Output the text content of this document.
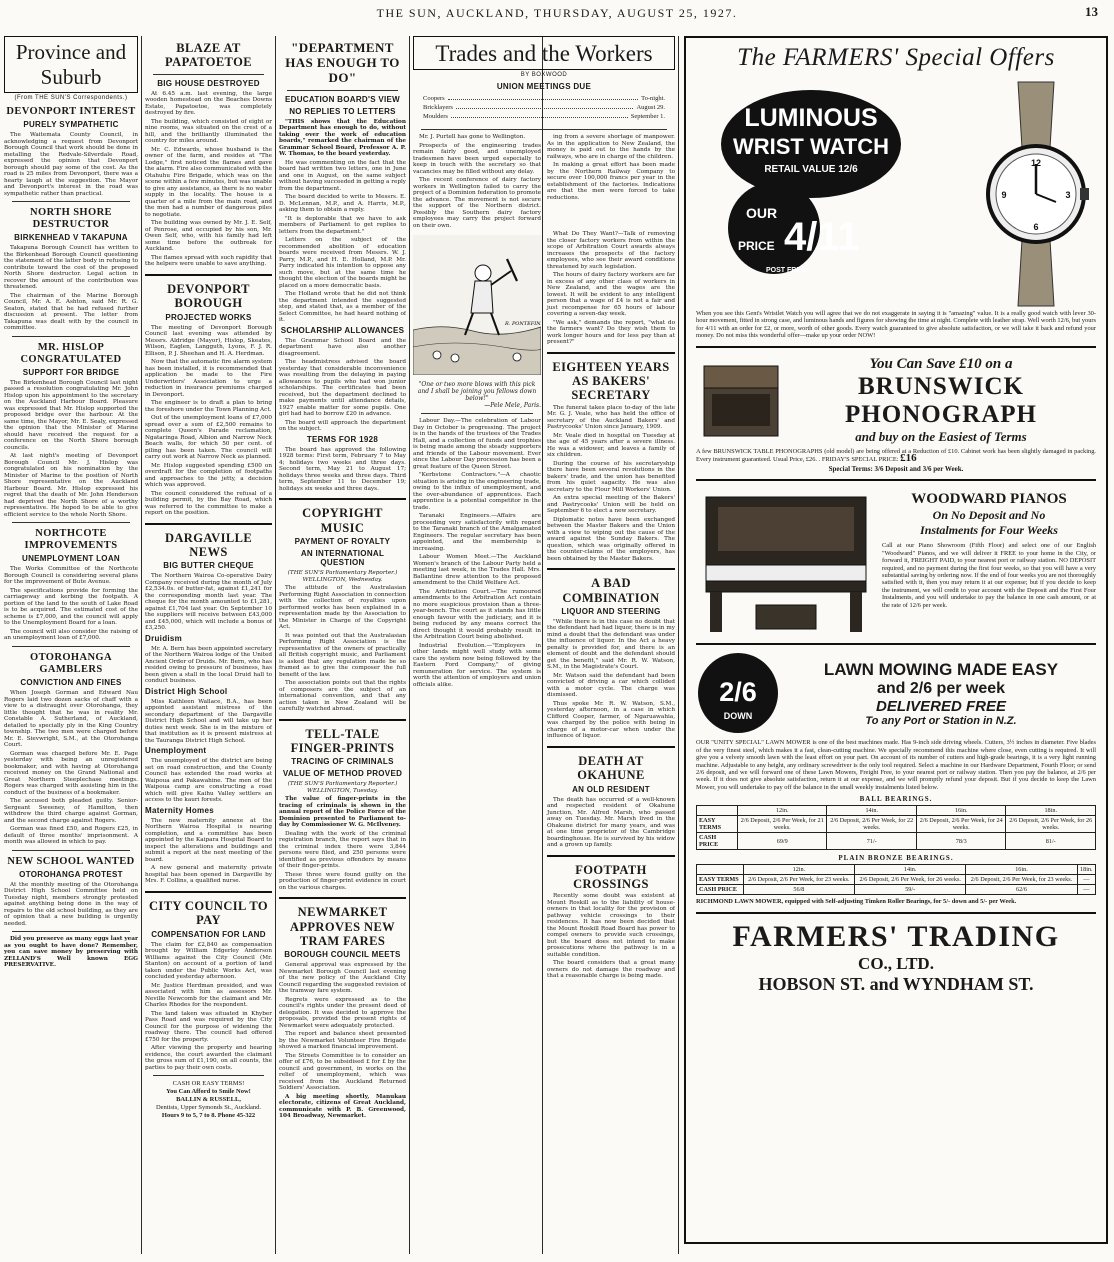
THE SUN, AUCKLAND, THURSDAY, AUGUST 25, 1927.	13
Province and Suburb
(From THE SUN'S Correspondents.)
DEVONPORT INTEREST
PURELY SYMPATHETIC
The Waitemata County Council, in acknowledging a request from Devonport Borough Council that work should be done in metalling the Redvale-Silverdale Road, expressed the opinion that Devonport borough should pay some of the cost. As the road is 25 miles from Devonport, there was a hearty laugh at the suggestion. The Mayor and Devonport's interest in the road was sympathetic rather than practical.
NORTH SHORE DESTRUCTOR
BIRKENHEAD V TAKAPUNA
Takapuna Borough Council has written to the Birkenhead Borough Council questioning the statement of the latter body in refusing to contribute toward the cost of the proposed North Shore destructor. Legal action in recover the amount of the contribution was threatened.
The chairman of the Marine Borough Council, Mr. A. E. Ashton, said Mr. R. G. Seaton, stated that he had refused further discussion at present. The letter from Takapuna was dealt with by the council in committee.
MR. HISLOP CONGRATULATED
SUPPORT FOR BRIDGE
The Birkenhead Borough Council last night passed a resolution congratulating Mr. John Hislop upon his appointment to the secretary on the Auckland Harbour Board. Pleasure was expressed that Mr. Hislop supported the proposed bridge over the harbour. At the same time, the Mayor, Mr. E. Sealy, expressed the opinion that the Minister of Marine should have received the request for a conference on the North Shore borough councils.
At last night's meeting of Devonport Borough Council Mr. J. Hislop was congratulated on his nomination by the Minister of Marine to the position of North Shore representative on the Auckland Harbour Board. Mr. Hislop expressed his regret that the death of Mr. John Henderson had deprived the North Shore of a worthy representative. He hoped to be able to give efficient service to the whole North Shore.
NORTHCOTE IMPROVEMENTS
UNEMPLOYMENT LOAN
The Works Committee of the Northcote Borough Council is considering several plans for the improvement of Bute Avenue.
The specifications provide for forming the carriageway and kerbing the footpath. A portion of the land to the south of Lake Road is to be acquired. The estimated cost of the scheme is £7,000, and the council will apply to the Unemployment Board for a loan.
The council will also consider the raising of an unemployment loan of £7,000.
OTOROHANGA GAMBLERS
CONVICTION AND FINES
When Joseph Gorman and Edward Nau Rogers laid two dozen sacks of chaff with a view to a distraught over Otorohanga, they little thought that he was in reality Mr. Constable A. Sutherland, of Auckland, detailed to specially ply in the King Country township. The two men were charged before Mr. E. Sievwright, S.M., at the Otorohanga Court.
Gorman was charged before Mr. E. Page yesterday with being an unregistered bookmaker, and with having at Otorohanga received money on the Grand National and Great Northern Steeplechase meetings. Rogers was charged with assisting him in the conduct of the business of a bookmaker.
The accused both pleaded guilty. Senior-Sergeant Sweeney, of Hamilton, then withdrew the third charge against Gorman, and the second charge against Rogers.
Gorman was fined £50, and Rogers £25, in default of three months' imprisonment. A month was allowed in which to pay.
NEW SCHOOL WANTED
OTOROHANGA PROTEST
At the monthly meeting of the Otorohanga District High School Committee held on Tuesday night, members strongly protested against anything being done in the way of repairs to the old school building, as they are of opinion that a new building is urgently needed.
Did you preserve as many eggs last year as you ought to have done? Remember, you can save money by preserving with ZELLAND'S Well known EGG PRESERVATIVE.
BLAZE AT PAPATOETOE
BIG HOUSE DESTROYED
At 6.45 a.m. last evening, the large wooden homestead on the Beaches Downs Estate, Papatoetoe, was completely destroyed by fire.
The building, which consisted of eight or nine rooms, was situated on the crest of a hill, and the brilliantly illuminated the country for miles around.
Mr. C. Edwards, whose husband is the owner of the farm, and resides at "The Lodge," first noticed the flames and gave the alarm. Fire also communicated with the Otahuhu Fire Brigade, which was on the scene within a few minutes, but was unable to give any assistance, as there is no water supply in the locality. The house is a quarter of a mile from the main road, and the men had a number of dangerous piles to negotiate.
The building was owned by Mr. J. E. Self, of Penrose, and occupied by his son, Mr. Owen Self, who, with his family had left some time before the outbreak for Auckland.
The flames spread with such rapidity that the helpers were unable to save anything.
DEVONPORT BOROUGH
PROJECTED WORKS
The meeting of Devonport Borough Council last evening was attended by Messrs. Aldridge (Mayor), Hislop, Skeates, Wilson, Eaglen, Langguth, Lyons, F. J. R. Ellison, P. J. Sheehan and H. A. Herdman.
Now that the automatic fire alarm system has been installed, it is recommended that application be made to the Fire Underwriters' Association to urge a reduction in insurance premiums charged in Devonport.
The engineer is to draft a plan to bring the foreshore under the Town Planning Act.
Out of the unemployment loans of £7,000 spread over a sum of £2,500 remains to complete Queen's Parade reclamation, Ngataringa Road, Albion and Narrow Neck Beach walls, for which 50 per cent. of piling has been taken. The council will carry out work at Narrow Neck as planned.
Mr. Hislop suggested spending £500 on overdraft for the completion of footpaths and approaches to the jetty, a decision which was approved.
The council considered the refusal of a building permit, by the Bay Road, which was referred to the committee to make a report on the position.
DARGAVILLE NEWS
BIG BUTTER CHEQUE
The Northern Wairoa Co-operative Dairy Company received during the month of July £2,534.0s. of butter-fat, against £1,241 for the corresponding month last year. The cheque for the month amounted to £1,281, against £1,704 last year. On September 10 the suppliers will receive between £43,000 and £45,000, which will include a bonus of £3,250.
Druidism
Mr. A. Bern has been appointed secretary of the Northern Wairoa lodge of the United Ancient Order of Druids. Mr. Bern, who has resided owing to pressure of business, has been given a stall in the local Druid hall to conduct business.
District High School
Miss Kathleen Wallace, B.A., has been appointed assistant mistress of the secondary department of the Dargaville District High School and will take up her duties next week. She is in the mixture of that institution as it is present mistress at the Tauranga District High School.
Unemployment
The unemployed of the district are being set on road construction, and the County Council has extended the road works at Waipoua and Pakawahine. The men of the Waipoua camp are constructing a road which will give Kaihu Valley settlers an access to the kauri forests.
Maternity Homes
The new maternity annexe at the Northern Wairoa Hospital is nearing completion, and a committee has been appointed by the Kaipara Hospital Board to inspect the alterations and buildings and submit a report at the next meeting of the board.
A new general and maternity private hospital has been opened in Dargaville by Mrs. F. Collins, a qualified nurse.
CITY COUNCIL TO PAY
COMPENSATION FOR LAND
The claim for £2,840 as compensation brought by William Edgerley Anderson Williams against the City Council (Mr. Stanton) on account of a portion of land taken under the Public Works Act, was concluded yesterday afternoon.
Mr. Justice Herdman presided, and was associated with him as assessors Mr. Neville Newcomb for the claimant and Mr. Charles Rhodes for the respondent.
The land taken was situated in Khyber Pass Road and was required by the City Council for the purpose of widening the roadway there. The council had offered £750 for the property.
After viewing the property and hearing evidence, the court awarded the claimant the gross sum of £1,190, on all counts, the parties to pay their own costs.
CASH OR EASY TERMS!
You Can Afford to Smile Now!
BALLIN & RUSSELL,
Dentists, Upper Symonds St., Auckland.
Hours 9 to 5, 7 to 8. Phone 45-322
"DEPARTMENT HAS ENOUGH TO DO"
EDUCATION BOARD'S VIEW
NO REPLIES TO LETTERS
"THIS shows that the Education Department has enough to do, without taking over the work of education boards," remarked the chairman of the Grammar School Board, Professor A. P. W. Thomas, to the board yesterday.
He was commenting on the fact that the board had written two letters, one in June and one in August, on the same subject without having succeeded in getting a reply from the department.
The board decided to write to Messrs. E. D. McLennan, M.P., and A. Harris, M.P., asking them to obtain a reply.
"It is deplorable that we have to ask members of Parliament to get replies to letters from the department."
Letters on the subject of the recommended abolition of education boards were received from Messrs. W. J. Parry, M.P., and H. E. Holland, M.P. Mr. Parry indicated his intention to oppose any such move, but at the same time he thought the election of the boards might be placed on a more democratic basis.
The Holland wrote that he did not think the department intended the suggested step, and stated that, as a member of the Select Committee, he had heard nothing of it.
SCHOLARSHIP ALLOWANCES
The Grammar School Board and the department have also another disagreement.
The headmistress advised the board yesterday that considerable inconvenience was resulting from the delaying in paying allowances to pupils who had won junior scholarships. The certificates had been received, but the department declined to make payments until attendance details, 1927 enable matter for some pupils. One girl had had to borrow £20 in advance.
The board will approach the department on the subject.
TERMS FOR 1928
The board has approved the following 1928 terms: First term, February 7 to May 4; holidays two weeks and three days. Second term, May 21 to August 17; holidays three weeks and three days. Third term, September 11 to December 19; holidays six weeks and three days.
COPYRIGHT MUSIC
PAYMENT OF ROYALTY
AN INTERNATIONAL QUESTION
(THE SUN'S Parliamentary Reporter.) WELLINGTON, Wednesday.
The attitude of the Australasian Performing Right Association in connection with the collection of royalties upon performed works has been explained in a representation made by the Association to the Minister in Charge of the Copyright Act.
It was pointed out that the Australasian Performing Right Association is the representative of the owners of practically all British copyright music, and Parliament is asked that any regulation made be so framed as to give the composer the full benefit of the law.
The association points out that the rights of composers are the subject of an international convention, and that any action taken in New Zealand will be carefully watched abroad.
TELL-TALE FINGER-PRINTS
TRACING OF CRIMINALS
VALUE OF METHOD PROVED
(THE SUN'S Parliamentary Reporter.) WELLINGTON, Tuesday.
The value of finger-prints in the tracing of criminals is shown in the annual report of the Police Force of the Dominion presented to Parliament to-day by Commissioner W. G. McIlveney.
Dealing with the work of the criminal registration branch, the report says that in the criminal index there were 3,844 persons were filed, and 250 persons were identified as previous offenders by means of their finger-prints.
These three were found guilty on the production of finger-print evidence in court on the various charges.
NEWMARKET APPROVES NEW TRAM FARES
BOROUGH COUNCIL MEETS
General approval was expressed by the Newmarket Borough Council last evening of the new policy of the Auckland City Council regarding the suggested revision of the tramway fare system.
Regrets were expressed as to the council's rights under the present deed of delegation. It was decided to approve the proposals, provided the present rights of Newmarket were adequately protected.
The report and balance sheet presented by the Newmarket Volunteer Fire Brigade showed a marked financial improvement.
The Streets Committee is to consider an offer of £76, to be subsidised £ for £ by the council and government, in works on the relief of unemployment, which was received from the Auckland Returned Soldiers' Association.
A big meeting shortly, Manukau electorate, citizens of Great Auckland, communicate with P. B. Greenwood, 104 Broadway, Newmarket.
Trades and the Workers
BY BOXWOOD
UNION MEETINGS DUE
Coopers	To-night.
Bricklayers	August 29.
Moulders	September 1.
Mr. J. Purtell has gone to Wellington.
Prospects of the engineering trades remain fairly good, and unemployed tradesmen have been urged especially to keep in touch with the secretary so that vacancies may be filled without any delay.
The recent conference of dairy factory workers in Wellington failed to carry the project of a Dominion federation to promote the advance. The movement is not secure the support of the Northern district. Possibly the Southern dairy factory employees may carry the project forward on their own.
ing from a severe shortage of manpower. As in the application to New Zealand, the money is paid out to the hands by the railways, who are in charge of the children.
In making a great effort has been made by the Northern Railway Company to secure over 100,000 francs per year in the establishment of the factories. Indications are that the men were forced to take reductions.
R. PONTEFIN.
"One or two more blows with this pick and I shall be joining you fellows down below!"
—Pele Mele, Paris.
Labour Day.—The celebration of Labour Day in October is progressing. The project is in the hands of the trustees of the Trades Hall, and a collection of funds and trophies is being made among the steady supporters and friends of the Labour movement. Ever since the Labour Day procession has been a great feature of the Queen Street.
"Kerbstone Contractors."—A chaotic situation is arising in the engineering trade, owing to the influx of unemployment, and the over-abundance of apprentices. Each apprentice is a potential competitor in the trade.
Taranaki Engineers.—Affairs are proceeding very satisfactorily with regard to the Taranaki branch of the Amalgamated Engineers. The regular secretary has been appointed, and the membership is increasing.
Labour Women Meet.—The Auckland Women's branch of the Labour Party held a meeting last week, in the Trades Hall. Mrs. Ballantine drew attention to the proposed amendment to the Child Welfare Act.
The Arbitration Court.—The rumoured amendments to the Arbitration Act contain no more suspicious provision than a three-year-bench. The court as it stands has little enough favour with the judiciary, and it is being reduced by any means correct the direct thought it would probably result in the Arbitration Court being abolished.
Industrial Evolution.—"Employers in other lands might well study with some care the system now being followed by the Eastern Ford Company," of giving remuneration for service. The system is worth the attention of employers and union officials alike.
What Do They Want?—Talk of removing the closer factory workers from within the scope of Arbitration Court awards always increases the prospects of the factory employees, who see their award conditions threatened by such legislation.
The hours of dairy factory workers are far in excess of any other class of workers in New Zealand, and the wages are the lowest. It will be evident to any intelligent person that a wage of £4 is not a fair and just recompense for 65 hours of labour covering a seven-day week.
"We ask," demands the report, "what do the farmers want? Do they wish them to work longer hours and for less pay than at present?"
EIGHTEEN YEARS AS BAKERS' SECRETARY
The funeral takes place to-day of the late Mr. G. J. Veale, who has held the office of secretary of the Auckland Bakers' and Pastrycooks' Union since January, 1909.
Mr. Veale died in hospital on Tuesday at the age of 45 years after a severe illness. He was a widower, and leaves a family of six children.
During the course of his secretaryship there have been several revolutions in the bakers' trade, and the union has benefited from his quiet sagacity. He was also secretary to the Flour Mill Workers' Union.
An extra special meeting of the Bakers' and Pastrycooks' Union will be held on September 6 to elect a new secretary.
Diplomatic notes have been exchanged between the Master Bakers and the Union with a view to wiping out the cause of the award against the Sunday Bakers. The question, which was originally offered in the counter-claims of the employers, has been obtained by the Master Bakers.
A BAD COMBINATION
LIQUOR AND STEERING
"While there is in this case no doubt that the defendant had had liquor, there is in my mind a doubt that the defendant was under the influence of liquor. In the Act a heavy penalty is provided for, and there is an element of doubt and the defendant should get the benefit," said Mr. R. W. Watson, S.M., in the Magistrate's Court.
Mr. Watson said the defendant had been convicted of driving a car which collided with a motor cycle. The charge was dismissed.
Thus spoke Mr. R. W. Watson, S.M., yesterday afternoon, in a case in which Clifford Cooper, farmer, of Ngaruawahia, was charged by the police with being in charge of a motor-car when under the influence of liquor.
DEATH AT OKAHUNE
AN OLD RESIDENT
The death has occurred of a well-known and respected resident of Okahune Junction, Mr. Alfred Marsh, who passed away on Tuesday. Mr. Marsh lived in the Ohakune district for many years, and was at one time proprietor of the Cambridge boardinghouse. He is survived by his widow and a grown up family.
FOOTPATH CROSSINGS
Recently some doubt was existent at Mount Roskill as to the liability of house-owners in that locality for the provision of pathway vehicle crossings to their residences. It has now been decided that the Mount Roskill Road Board has power to compel owners to provide such crossings, but the board does not intend to make prosecutions where the pathway is in a suitable condition.
The board considers that a great many owners do not damage the roadway and that a reasonable charge is being made.
The FARMERS' Special Offers
LUMINOUS
WRIST WATCH
RETAIL VALUE 12/6
OUR
PRICE 4/11
POST FREE
12
3
6
9
When you see this Gent's Wristlet Watch you will agree that we do not exaggerate in saying it is "amazing" value. It is a really good watch with lever 30-hour movement, fitted in strong case, and luminous hands and figures for showing the time at night. Complete with leather strap. Well worth 12/6, but yours for 4/11 with an order for £2, or more, worth of other goods. Every watch guaranteed to give absolute satisfaction, or we will take it back and refund your money. Do not miss this wonderful offer—make up your order NOW!
You Can Save £10 on a
BRUNSWICK
PHONOGRAPH
and buy on the Easiest of Terms
A few BRUNSWICK TABLE PHONOGRAPHS (old model) are being offered at a Reduction of £10. Cabinet work has been slightly damaged in packing. Every instrument guaranteed. Usual Price, £26. . FRIDAY'S SPECIAL PRICE: £16
Special Terms: 3/6 Deposit and 3/6 per Week.
WOODWARD PIANOS
On No Deposit and No
Instalments for Four Weeks
Call at our Piano Showroom (Fifth Floor) and select one of our English "Woodward" Pianos, and we will deliver it FREE to your home in the City, or forward it, FREIGHT PAID, to your nearest port or railway station. NO DEPOSIT required, and no payment during the first four weeks, so that you will have a very substantial saving by ordering now. If the end of four weeks you are not thoroughly satisfied with it, then you may return it at our expense; but if you decide to keep the instrument, we will credit to your account with the Deposit and the First Four Instalments, and you will undertake to pay the balance in one cash amount, or at the rate of 12/6 per week.
2/6
DOWN
LAWN MOWING MADE EASY
and 2/6 per week
DELIVERED FREE
To any Port or Station in N.Z.
OUR "UNITY SPECIAL" LAWN MOWER is one of the best machines made. Has 9-inch side driving wheels. Cutters, 3½ inches in diameter. Five blades of the very finest steel, which makes it a fast, clean-cutting machine. We specially recommend this machine where close, even cutting is required. It will give you a velvety smooth lawn with the least effort on your part. On account of its number of cutters and high-grade bearings, it is a very light running machine. Adjustable to any height, any ordinary screwdriver is the only tool required. Select a machine in our Hardware Department, Fourth Floor; or send 2/6 deposit, and we will forward one of these Lawn Mowers, Freight Free, to your nearest port or railway station. Then you pay the balance, at 2/6 per week. If it does not give absolute satisfaction, return it at our expense, and we will promptly refund your deposit. But if you decide to keep the Lawn Mower, you will undertake to pay off the balance in the small weekly instalments listed below.
BALL BEARINGS.
	12in.	14in.	16in.	18in.
EASY TERMS	2/6 Deposit, 2/6 Per Week, for 21 weeks.	2/6 Deposit, 2/6 Per Week, for 22 weeks.	2/6 Deposit, 2/6 Per Week, for 24 weeks.	2/6 Deposit, 2/6 Per Week, for 26 weeks.
CASH PRICE	69/9	71/-	78/3	81/-
PLAIN BRONZE BEARINGS.
	12in.	14in.	16in.	18in.
EASY TERMS	2/6 Deposit, 2/6 Per Week, for 23 weeks.	2/6 Deposit, 2/6 Per Week, for 26 weeks.	2/6 Deposit, 2/6 Per Week, for 23 weeks.	—
CASH PRICE	56/8	59/-	62/6	—
RICHMOND LAWN MOWER, equipped with Self-adjusting Timken Roller Bearings, for 5/- down and 5/- per Week.
FARMERS' TRADING
CO., LTD.
HOBSON ST. and WYNDHAM ST.
